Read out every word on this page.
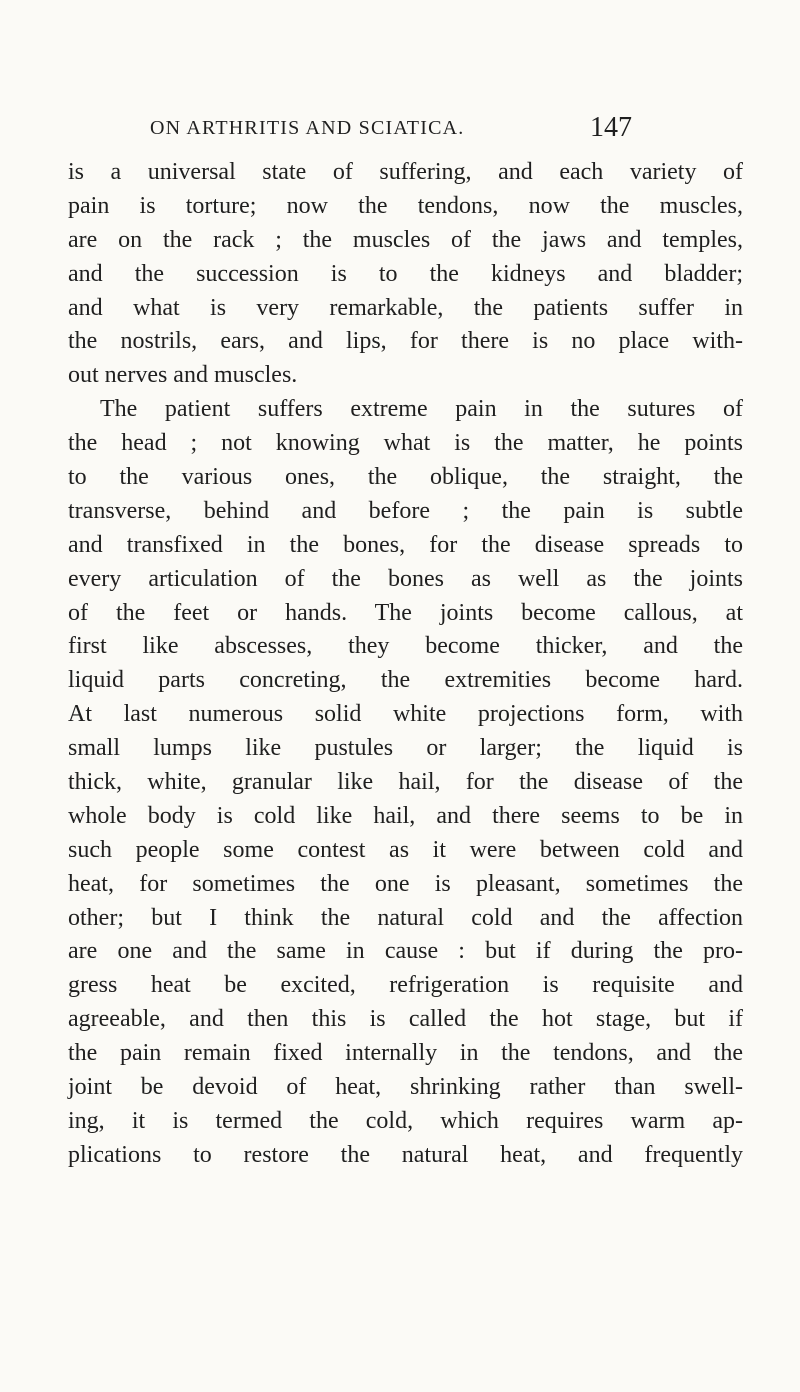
ON ARTHRITIS AND SCIATICA.	147
is a universal state of suffering, and each variety of
pain is torture; now the tendons, now the muscles,
are on the rack ; the muscles of the jaws and temples,
and the succession is to the kidneys and bladder;
and what is very remarkable, the patients suffer in
the nostrils, ears, and lips, for there is no place with-
out nerves and muscles.
The patient suffers extreme pain in the sutures of
the head ; not knowing what is the matter, he points
to the various ones, the oblique, the straight, the
transverse, behind and before ; the pain is subtle
and transfixed in the bones, for the disease spreads to
every articulation of the bones as well as the joints
of the feet or hands. The joints become callous, at
first like abscesses, they become thicker, and the
liquid parts concreting, the extremities become hard.
At last numerous solid white projections form, with
small lumps like pustules or larger; the liquid is
thick, white, granular like hail, for the disease of the
whole body is cold like hail, and there seems to be in
such people some contest as it were between cold and
heat, for sometimes the one is pleasant, sometimes the
other; but I think the natural cold and the affection
are one and the same in cause : but if during the pro-
gress heat be excited, refrigeration is requisite and
agreeable, and then this is called the hot stage, but if
the pain remain fixed internally in the tendons, and the
joint be devoid of heat, shrinking rather than swell-
ing, it is termed the cold, which requires warm ap-
plications to restore the natural heat, and frequently
